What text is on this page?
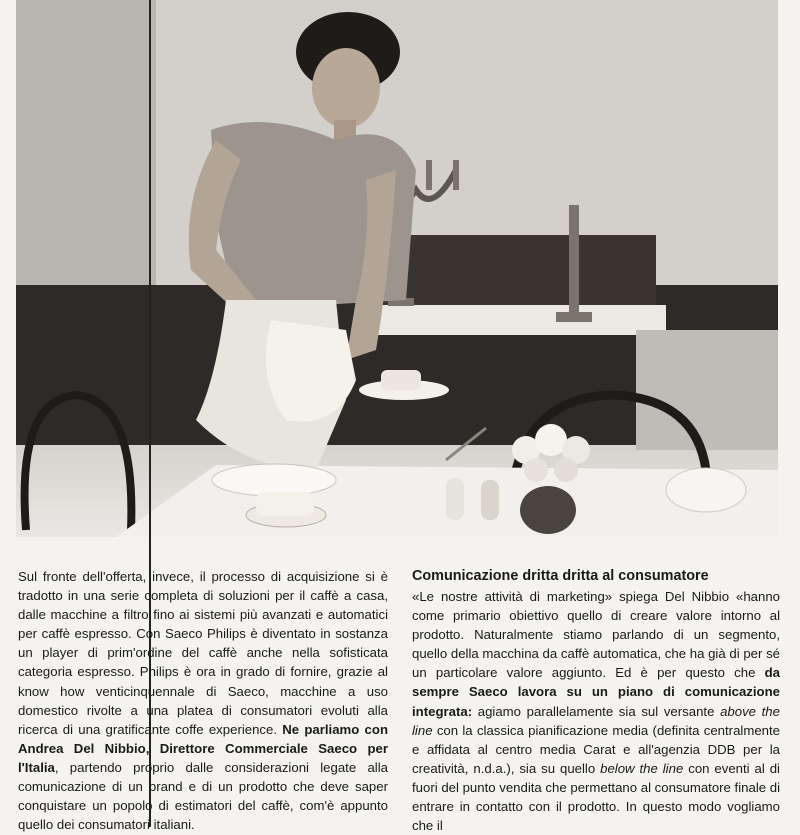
Sul fronte dell'offerta, invece, il processo di acquisizione si è tradotto in una serie completa di soluzioni per il caffè a casa, dalle macchine a filtro fino ai sistemi più avanzati e automatici per caffè espresso. Con Saeco Philips è diventato in sostanza un player di prim'ordine del caffè anche nella sofisticata categoria espresso. Philips è ora in grado di fornire, grazie al know how venticinquennale di Saeco, macchine a uso domestico rivolte a una platea di consumatori evoluti alla ricerca di una gratificante coffe experience. Ne parliamo con Andrea Del Nibbio, Direttore Commerciale Saeco per l'Italia, partendo proprio dalle considerazioni legate alla comunicazione di un brand e di un prodotto che deve saper conquistare un popolo di estimatori del caffè, com'è appunto quello dei consumatori italiani.

Comunicazione dritta dritta al consumatore

«Le nostre attività di marketing» spiega Del Nibbio «hanno come primario obiettivo quello di creare valore intorno al prodotto. Naturalmente stiamo parlando di un segmento, quello della macchina da caffè automatica, che ha già di per sé un particolare valore aggiunto. Ed è per questo che da sempre Saeco lavora su un piano di comunicazione integrata: agiamo parallelamente sia sul versante above the line con la classica pianificazione media (definita centralmente e affidata al centro media Carat e all'agenzia DDB per la creatività, n.d.a.), sia su quello below the line con eventi al di fuori del punto vendita che permettano al consumatore finale di entrare in contatto con il prodotto. In questo modo vogliamo che il
